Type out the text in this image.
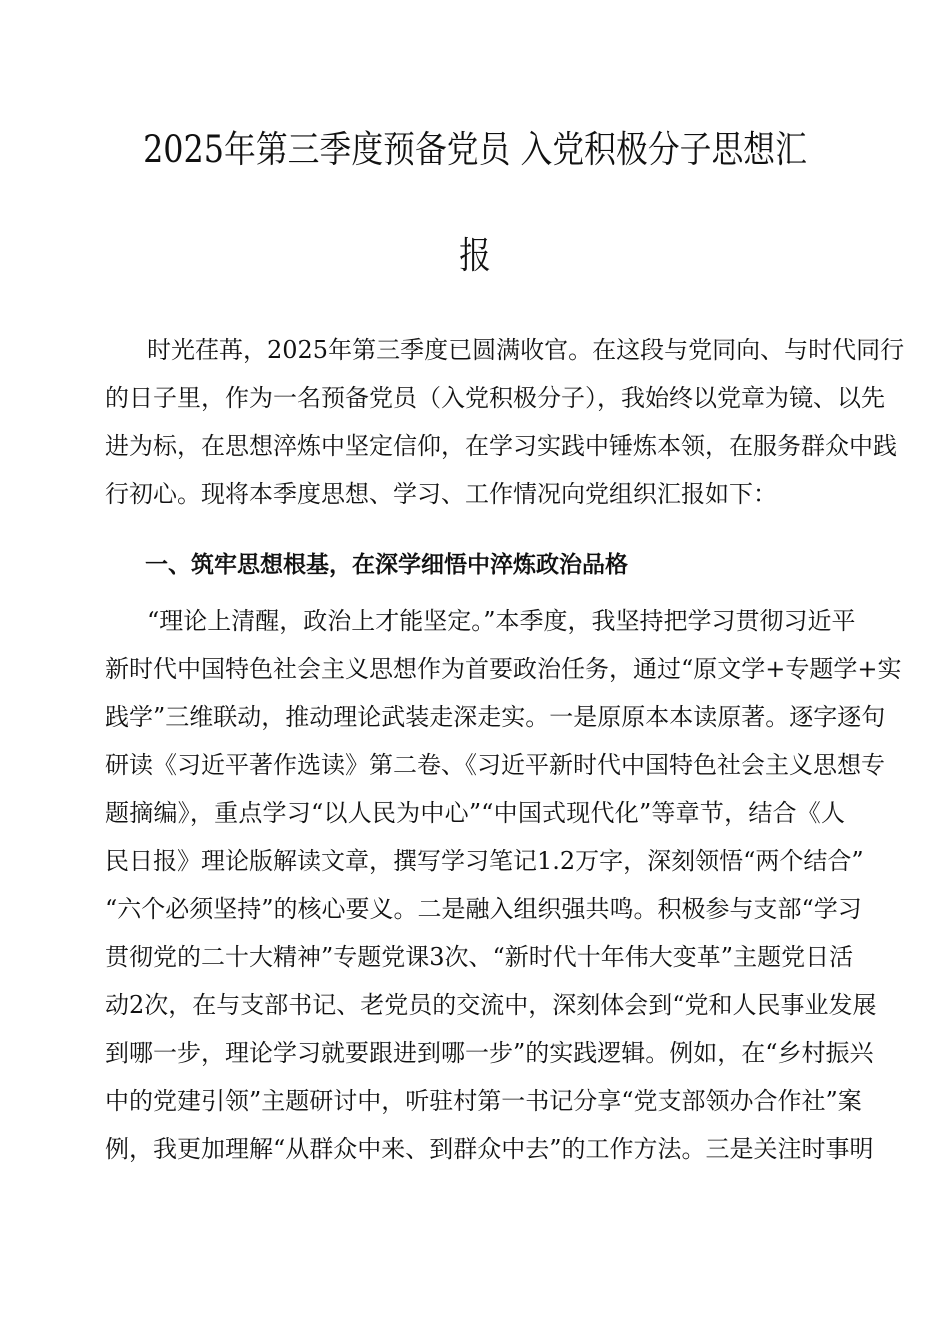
2025年第三季度预备党员 入党积极分子思想汇
报
时光荏苒，2025年第三季度已圆满收官。在这段与党同向、与时代同行
的日子里，作为一名预备党员（入党积极分子），我始终以党章为镜、以先
进为标，在思想淬炼中坚定信仰，在学习实践中锤炼本领，在服务群众中践
行初心。现将本季度思想、学习、工作情况向党组织汇报如下：
一、筑牢思想根基，在深学细悟中淬炼政治品格
“理论上清醒，政治上才能坚定。”本季度，我坚持把学习贯彻习近平
新时代中国特色社会主义思想作为首要政治任务，通过“原文学+专题学+实
践学”三维联动，推动理论武装走深走实。一是原原本本读原著。逐字逐句
研读《习近平著作选读》第二卷、《习近平新时代中国特色社会主义思想专
题摘编》，重点学习“以人民为中心”“中国式现代化”等章节，结合《人
民日报》理论版解读文章，撰写学习笔记1.2万字，深刻领悟“两个结合”
“六个必须坚持”的核心要义。二是融入组织强共鸣。积极参与支部“学习
贯彻党的二十大精神”专题党课3次、“新时代十年伟大变革”主题党日活
动2次，在与支部书记、老党员的交流中，深刻体会到“党和人民事业发展
到哪一步，理论学习就要跟进到哪一步”的实践逻辑。例如，在“乡村振兴
中的党建引领”主题研讨中，听驻村第一书记分享“党支部领办合作社”案
例，我更加理解“从群众中来、到群众中去”的工作方法。三是关注时事明
